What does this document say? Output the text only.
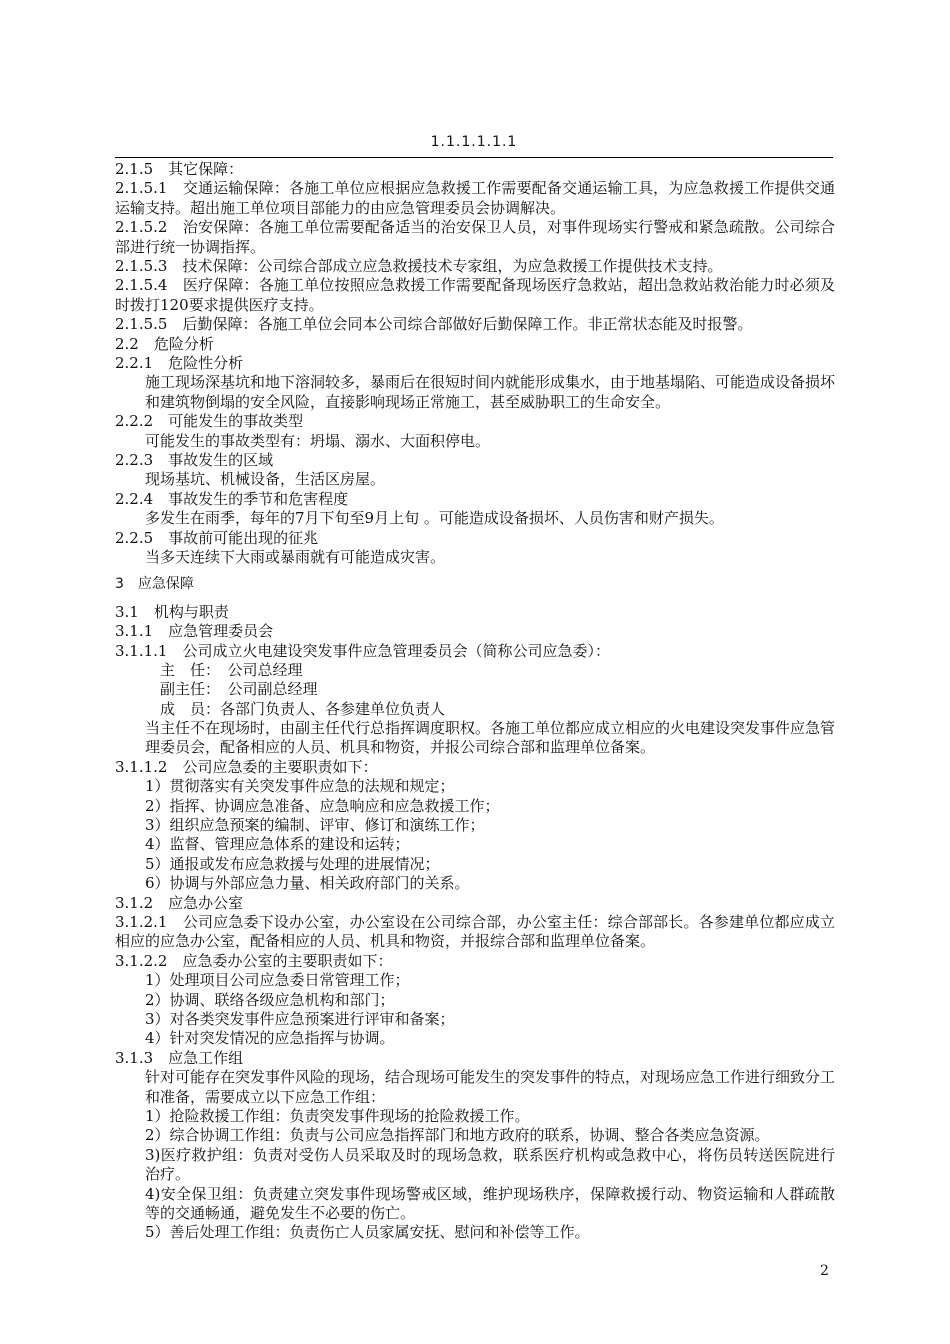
1.1.1.1.1.1
2.1.5　其它保障：
2.1.5.1　交通运输保障：各施工单位应根据应急救援工作需要配备交通运输工具，为应急救援工作提供交通运输支持。超出施工单位项目部能力的由应急管理委员会协调解决。
2.1.5.2　治安保障：各施工单位需要配备适当的治安保卫人员，对事件现场实行警戒和紧急疏散。公司综合部进行统一协调指挥。
2.1.5.3　技术保障：公司综合部成立应急救援技术专家组，为应急救援工作提供技术支持。
2.1.5.4　医疗保障：各施工单位按照应急救援工作需要配备现场医疗急救站，超出急救站救治能力时必须及时拨打120要求提供医疗支持。
2.1.5.5　后勤保障：各施工单位会同本公司综合部做好后勤保障工作。非正常状态能及时报警。
2.2　危险分析
2.2.1　危险性分析
施工现场深基坑和地下溶洞较多，暴雨后在很短时间内就能形成集水，由于地基塌陷、可能造成设备损坏和建筑物倒塌的安全风险，直接影响现场正常施工，甚至威胁职工的生命安全。
2.2.2　可能发生的事故类型
可能发生的事故类型有：坍塌、溺水、大面积停电。
2.2.3　事故发生的区域
现场基坑、机械设备，生活区房屋。
2.2.4　事故发生的季节和危害程度
多发生在雨季，每年的7月下旬至9月上旬 。可能造成设备损坏、人员伤害和财产损失。
2.2.5　事故前可能出现的征兆
当多天连续下大雨或暴雨就有可能造成灾害。
3　应急保障
3.1　机构与职责
3.1.1　应急管理委员会
3.1.1.1　公司成立火电建设突发事件应急管理委员会（简称公司应急委）：
主　任：　公司总经理
副主任：　公司副总经理
成　员：各部门负责人、各参建单位负责人
当主任不在现场时，由副主任代行总指挥调度职权。各施工单位都应成立相应的火电建设突发事件应急管理委员会，配备相应的人员、机具和物资，并报公司综合部和监理单位备案。
3.1.1.2　公司应急委的主要职责如下：
1）贯彻落实有关突发事件应急的法规和规定；
2）指挥、协调应急准备、应急响应和应急救援工作；
3）组织应急预案的编制、评审、修订和演练工作；
4）监督、管理应急体系的建设和运转；
5）通报或发布应急救援与处理的进展情况；
6）协调与外部应急力量、相关政府部门的关系。
3.1.2　应急办公室
3.1.2.1　公司应急委下设办公室，办公室设在公司综合部，办公室主任：综合部部长。各参建单位都应成立相应的应急办公室，配备相应的人员、机具和物资，并报综合部和监理单位备案。
3.1.2.2　应急委办公室的主要职责如下：
1）处理项目公司应急委日常管理工作；
2）协调、联络各级应急机构和部门；
3）对各类突发事件应急预案进行评审和备案；
4）针对突发情况的应急指挥与协调。
3.1.3　应急工作组
针对可能存在突发事件风险的现场，结合现场可能发生的突发事件的特点，对现场应急工作进行细致分工和准备，需要成立以下应急工作组：
1）抢险救援工作组：负责突发事件现场的抢险救援工作。
2）综合协调工作组：负责与公司应急指挥部门和地方政府的联系，协调、整合各类应急资源。
3)医疗救护组：负责对受伤人员采取及时的现场急救，联系医疗机构或急救中心，将伤员转送医院进行治疗。
4)安全保卫组：负责建立突发事件现场警戒区域，维护现场秩序，保障救援行动、物资运输和人群疏散等的交通畅通，避免发生不必要的伤亡。
5）善后处理工作组：负责伤亡人员家属安抚、慰问和补偿等工作。
2
